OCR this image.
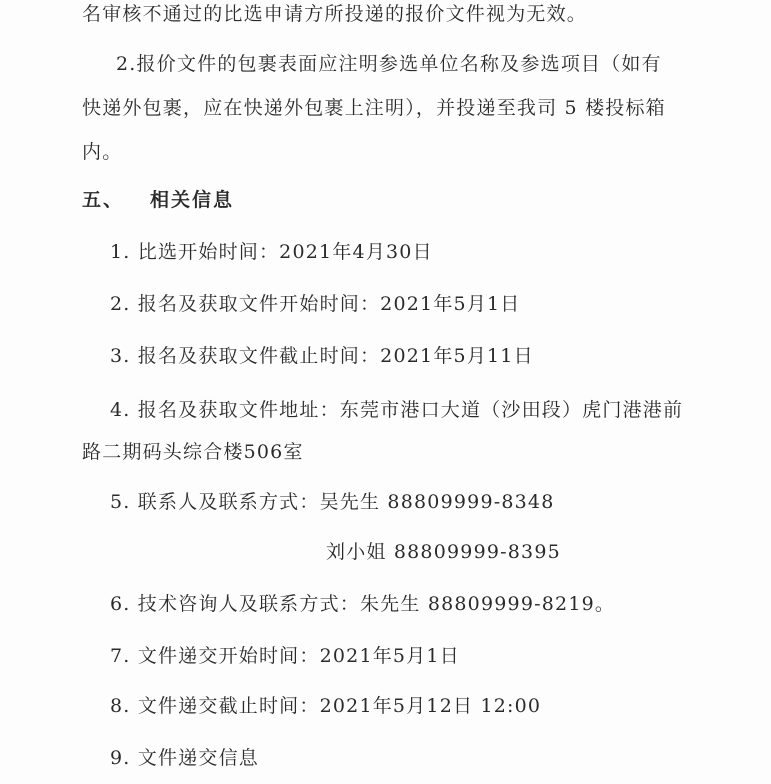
名审核不通过的比选申请方所投递的报价文件视为无效。
2.报价文件的包裹表面应注明参选单位名称及参选项目（如有
快递外包裹，应在快递外包裹上注明），并投递至我司 5 楼投标箱
内。
五、 相关信息
1. 比选开始时间：2021年4月30日
2. 报名及获取文件开始时间：2021年5月1日
3. 报名及获取文件截止时间：2021年5月11日
4. 报名及获取文件地址：东莞市港口大道（沙田段）虎门港港前
路二期码头综合楼506室
5. 联系人及联系方式：吴先生 88809999-8348
刘小姐 88809999-8395
6. 技术咨询人及联系方式：朱先生 88809999-8219。
7. 文件递交开始时间：2021年5月1日
8. 文件递交截止时间：2021年5月12日 12:00
9. 文件递交信息
